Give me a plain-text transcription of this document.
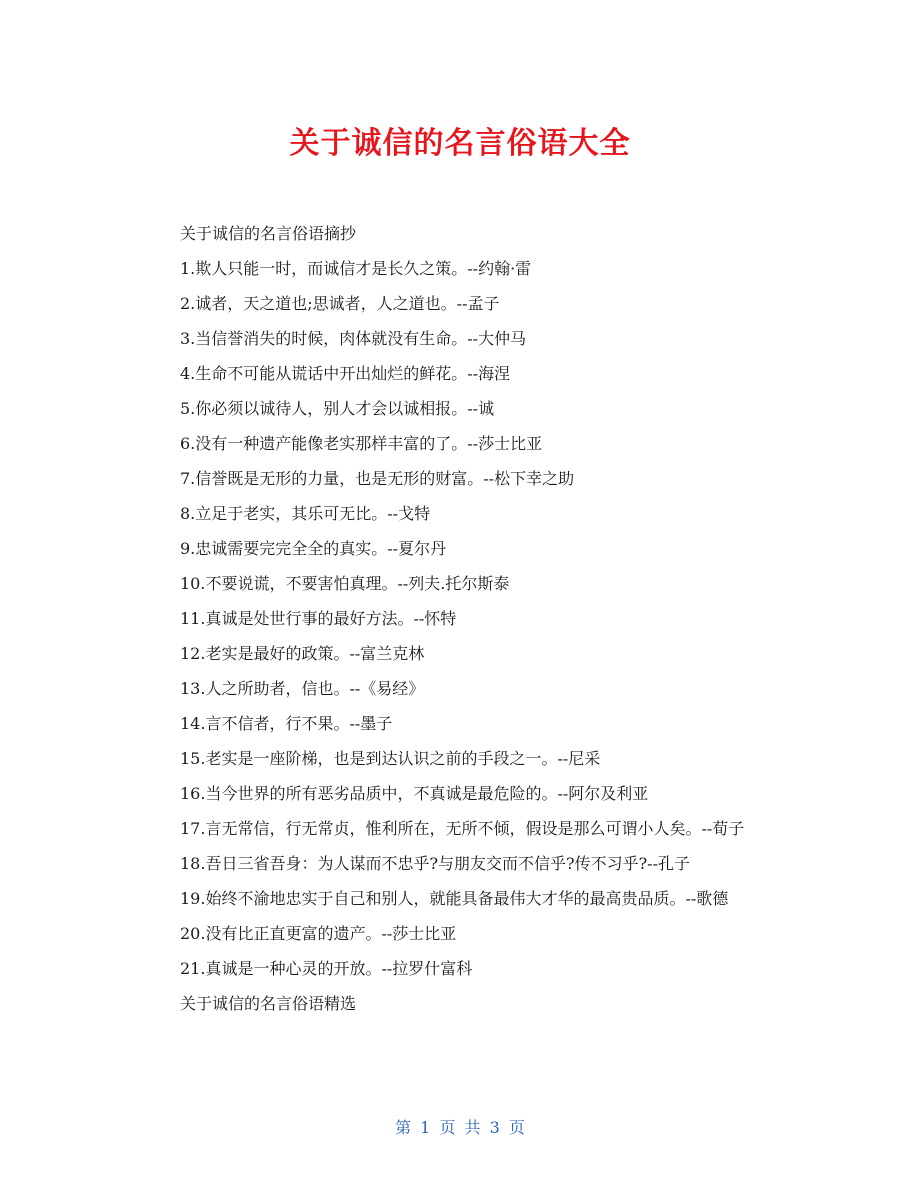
关于诚信的名言俗语大全

关于诚信的名言俗语摘抄

1.欺人只能一时，而诚信才是长久之策。--约翰·雷

2.诚者，天之道也;思诚者，人之道也。--孟子

3.当信誉消失的时候，肉体就没有生命。--大仲马

4.生命不可能从谎话中开出灿烂的鲜花。--海涅

5.你必须以诚待人，别人才会以诚相报。--诚

6.没有一种遗产能像老实那样丰富的了。--莎士比亚

7.信誉既是无形的力量，也是无形的财富。--松下幸之助

8.立足于老实，其乐可无比。--戈特

9.忠诚需要完完全全的真实。--夏尔丹

10.不要说谎，不要害怕真理。--列夫.托尔斯泰

11.真诚是处世行事的最好方法。--怀特

12.老实是最好的政策。--富兰克林

13.人之所助者，信也。--《易经》

14.言不信者，行不果。--墨子

15.老实是一座阶梯，也是到达认识之前的手段之一。--尼采

16.当今世界的所有恶劣品质中，不真诚是最危险的。--阿尔及利亚

17.言无常信，行无常贞，惟利所在，无所不倾，假设是那么可谓小人矣。--荀子

18.吾日三省吾身：为人谋而不忠乎?与朋友交而不信乎?传不习乎?--孔子

19.始终不渝地忠实于自己和别人，就能具备最伟大才华的最高贵品质。--歌德

20.没有比正直更富的遗产。--莎士比亚

21.真诚是一种心灵的开放。--拉罗什富科

关于诚信的名言俗语精选

第 1 页 共 3 页
